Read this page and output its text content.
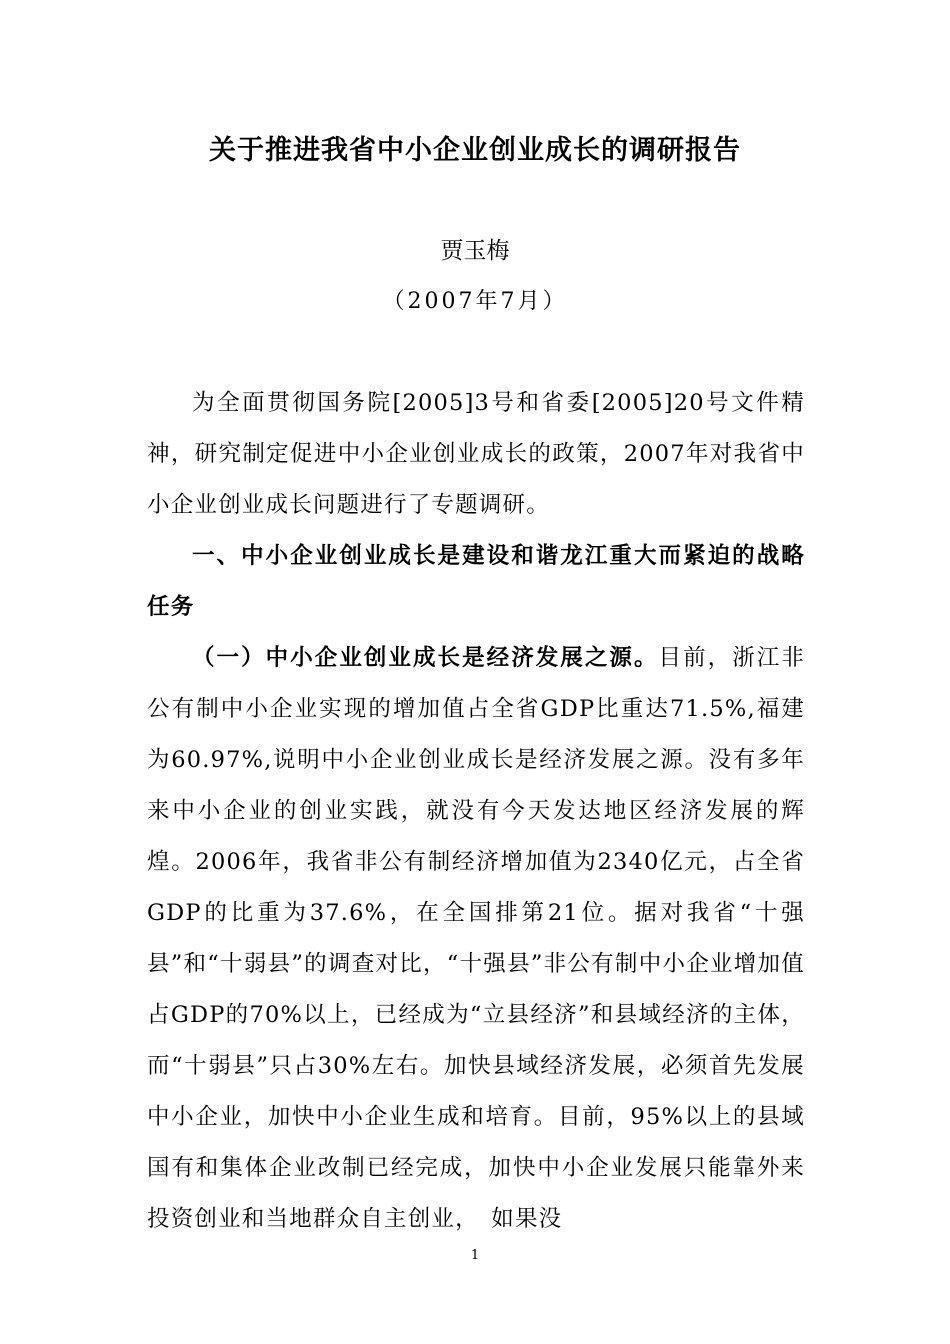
关于推进我省中小企业创业成长的调研报告
贾玉梅
（2007年7月）

为全面贯彻国务院[2005]3号和省委[2005]20号文件精神，研究制定促进中小企业创业成长的政策，2007年对我省中小企业创业成长问题进行了专题调研。

一、中小企业创业成长是建设和谐龙江重大而紧迫的战略任务

（一）中小企业创业成长是经济发展之源。目前，浙江非公有制中小企业实现的增加值占全省GDP比重达71.5%,福建为60.97%,说明中小企业创业成长是经济发展之源。没有多年来中小企业的创业实践，就没有今天发达地区经济发展的辉煌。2006年，我省非公有制经济增加值为2340亿元，占全省GDP的比重为37.6%，在全国排第21位。据对我省“十强县”和“十弱县”的调查对比，“十强县”非公有制中小企业增加值占GDP的70%以上，已经成为“立县经济”和县域经济的主体，而“十弱县”只占30%左右。加快县域经济发展，必须首先发展中小企业，加快中小企业生成和培育。目前，95%以上的县域国有和集体企业改制已经完成，加快中小企业发展只能靠外来投资创业和当地群众自主创业，　如果没

1
